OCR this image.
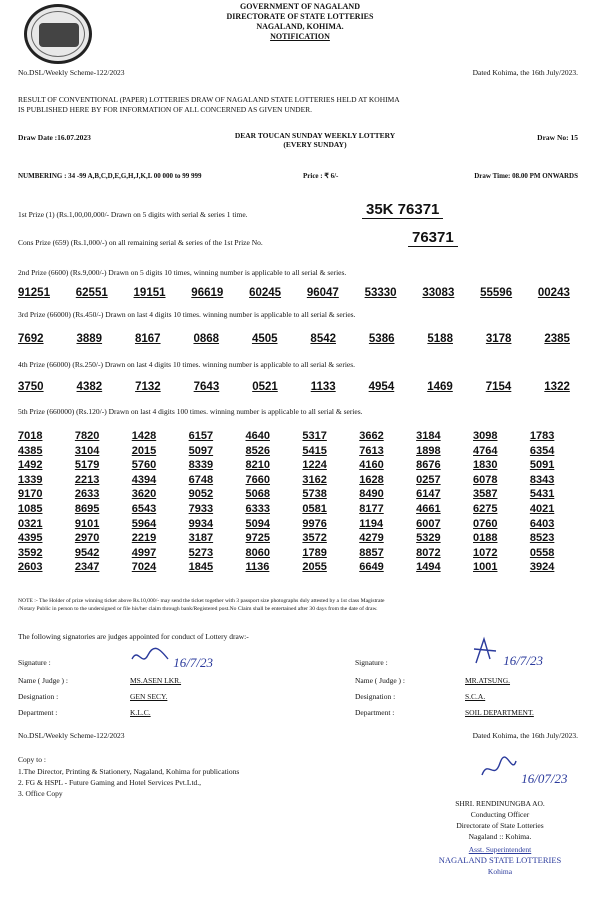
GOVERNMENT OF NAGALAND
DIRECTORATE OF STATE LOTTERIES
NAGALAND, KOHIMA.
NOTIFICATION
No.DSL/Weekly Scheme-122/2023	Dated Kohima, the 16th July/2023.
RESULT OF CONVENTIONAL (PAPER) LOTTERIES DRAW OF NAGALAND STATE LOTTERIES HELD AT KOHIMA
IS PUBLISHED HERE BY FOR INFORMATION OF ALL CONCERNED AS GIVEN UNDER.
Draw Date :16.07.2023	DEAR TOUCAN SUNDAY WEEKLY LOTTERY
(EVERY SUNDAY)
Draw No: 15
NUMBERING : 34 -99 A,B,C,D,E,G,H,J,K,L 00 000 to 99 999	Price : ₹ 6/-	Draw Time: 08.00 PM ONWARDS
1st Prize (1) (Rs.1,00,00,000/- Drawn on 5 digits with serial & series 1 time.	35K 76371
Cons Prize (659) (Rs.1,000/-) on all remaining serial & series of the 1st Prize No.	76371
2nd Prize (6600) (Rs.9,000/-) Drawn on 5 digits 10 times, winning number is applicable to all serial & series.
91251 62551 19151 96619 60245 96047 53330 33083 55596 00243
3rd Prize (66000) (Rs.450/-) Drawn on last 4 digits 10 times. winning number is applicable to all serial & series.
7692	3889	8167	0868	4505	8542	5386	5188	3178	2385
4th Prize (66000) (Rs.250/-) Drawn on last 4 digits 10 times. winning number is applicable to all serial & series.
3750	4382	7132	7643	0521	1133	4954	1469	7154	1322
5th Prize (660000) (Rs.120/-) Drawn on last 4 digits 100 times. winning number is applicable to all serial & series.
7018	7820	1428	6157	4640	5317	3662	3184	3098	1783
4385	3104	2015	5097	8526	5415	7613	1898	4764	6354
1492	5179	5760	8339	8210	1224	4160	8676	1830	5091
1339	2213	4394	6748	7660	3162	1628	0257	6078	8343
9170	2633	3620	9052	5068	5738	8490	6147	3587	5431
1085	8695	6543	7933	6333	0581	8177	4661	6275	4021
0321	9101	5964	9934	5094	9976	1194	6007	0760	6403
4395	2970	2219	3187	9725	3572	4279	5329	0188	8523
3592	9542	4997	5273	8060	1789	8857	8072	1072	0558
2603	2347	7024	1845	1136	2055	6649	1494	1001	3924
NOTE :- The Holder of prize winning ticket above Rs.10,000/- may send the ticket together with 3 passport size photographs duly attested by a 1st class Magistrate
/Notary Public in person to the undersigned or file his/her claim through bank/Registered post.No Claim shall be entertained after 30 days from the date of draw.
The following signatories are judges appointed for conduct of Lottery draw:-
Signature :	16/7/23
Name ( Judge ) :	MS.ASEN LKR.
Designation :	GEN SECY.
Department :	K.L.C.
Signature :	16/7/23
Name ( Judge ) :	MR.ATSUNG.
Designation :	S.C.A.
Department :	SOIL DEPARTMENT.
No.DSL/Weekly Scheme-122/2023	Dated Kohima, the 16th July/2023.
Copy to :
1.The Director, Printing & Stationery, Nagaland, Kohima for publications
2. FG & HSPL - Future Gaming and Hotel Services Pvt.Ltd.,
3. Office Copy
16/07/23
SHRI. RENDINUNGBA AO.
Conducting Officer
Directorate of State Lotteries
Nagaland :: Kohima.
Asst. Superintendent
NAGALAND STATE LOTTERIES
Kohima
